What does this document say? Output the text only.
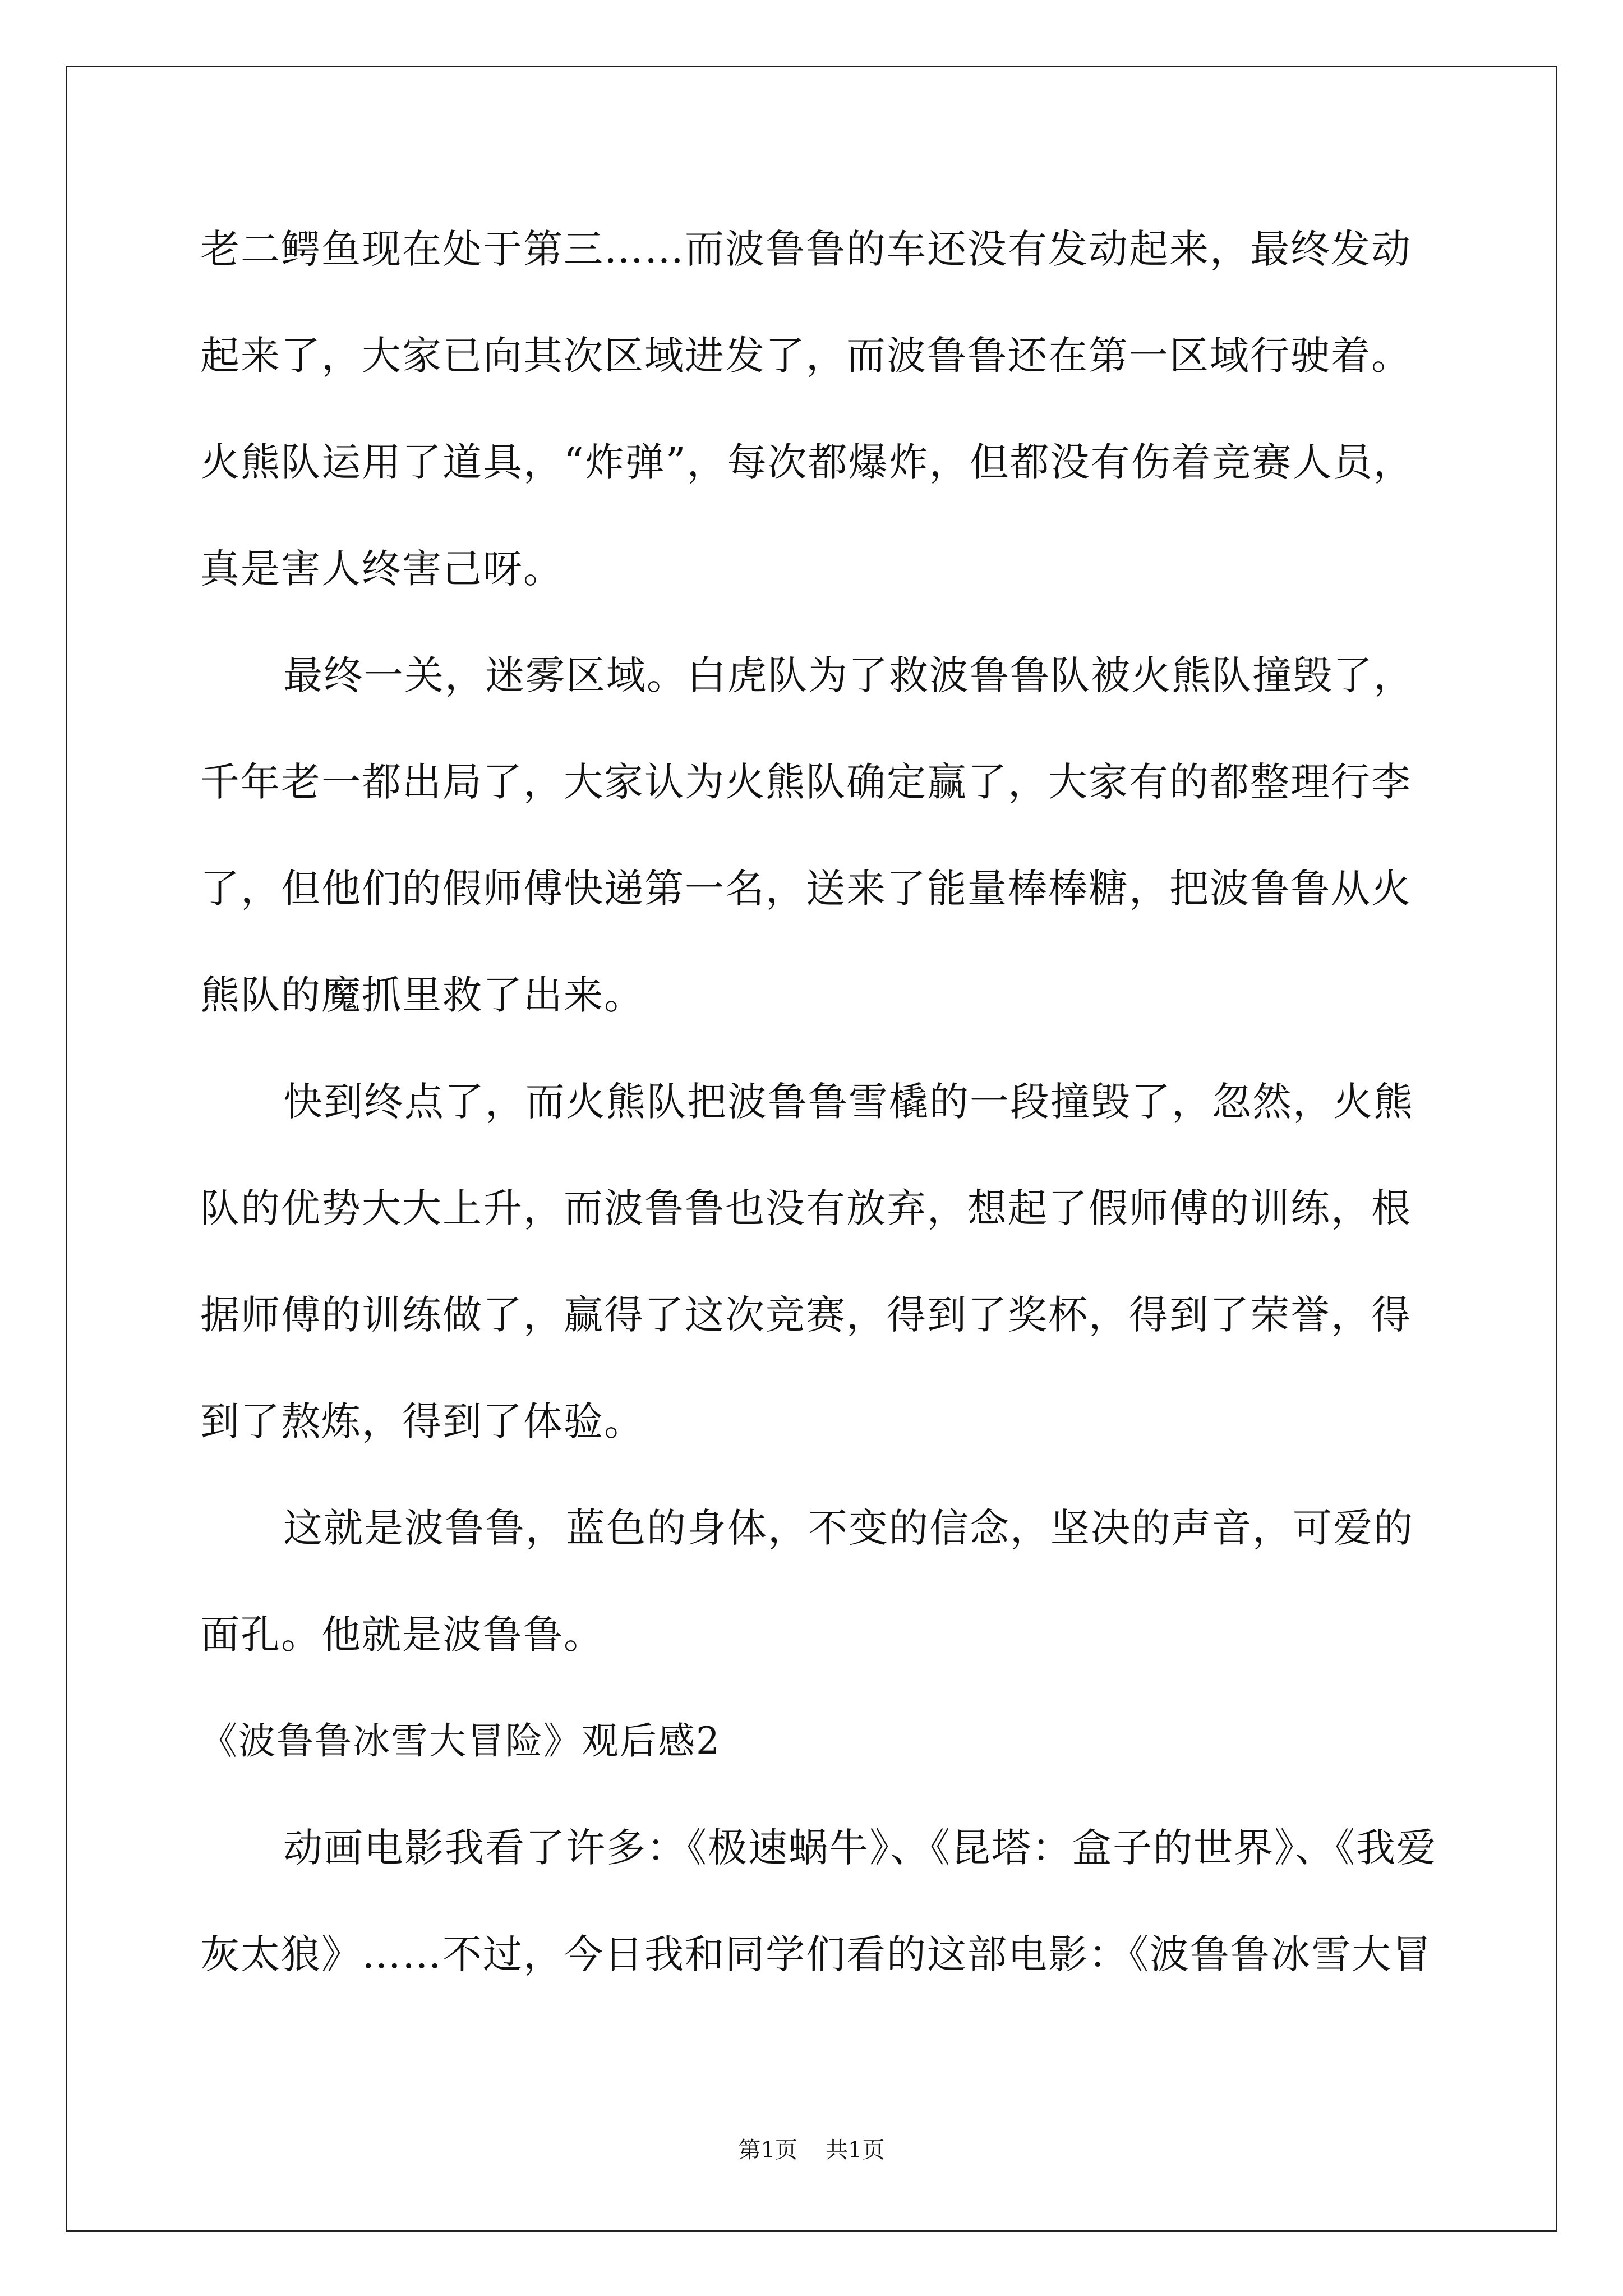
老二鳄鱼现在处于第三……而波鲁鲁的车还没有发动起来，最终发动
起来了，大家已向其次区域进发了，而波鲁鲁还在第一区域行驶着。
火熊队运用了道具，“炸弹”，每次都爆炸，但都没有伤着竞赛人员，
真是害人终害己呀。
最终一关，迷雾区域。白虎队为了救波鲁鲁队被火熊队撞毁了，
千年老一都出局了，大家认为火熊队确定赢了，大家有的都整理行李
了，但他们的假师傅快递第一名，送来了能量棒棒糖，把波鲁鲁从火
熊队的魔抓里救了出来。
快到终点了，而火熊队把波鲁鲁雪橇的一段撞毁了，忽然，火熊
队的优势大大上升，而波鲁鲁也没有放弃，想起了假师傅的训练，根
据师傅的训练做了，赢得了这次竞赛，得到了奖杯，得到了荣誉，得
到了熬炼，得到了体验。
这就是波鲁鲁，蓝色的身体，不变的信念，坚决的声音，可爱的
面孔。他就是波鲁鲁。
《波鲁鲁冰雪大冒险》观后感2
动画电影我看了许多：《极速蜗牛》、《昆塔：盒子的世界》、《我爱
灰太狼》……不过，今日我和同学们看的这部电影：《波鲁鲁冰雪大冒
第1页 共1页
